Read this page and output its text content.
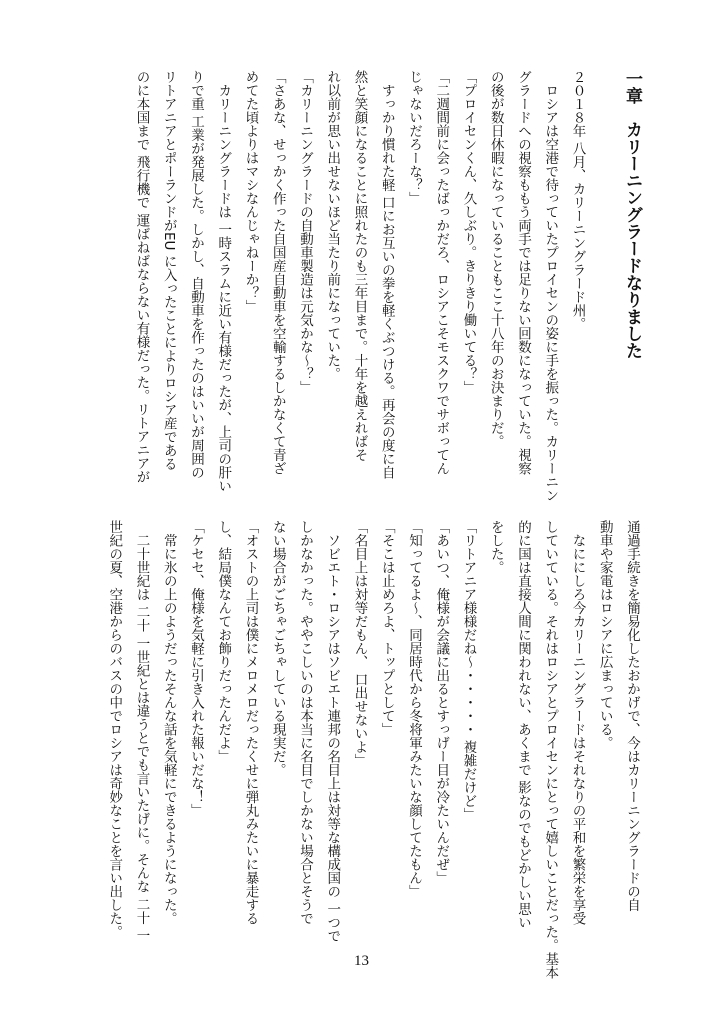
一章　カリーニングラードなりました
２０１８年 八月、カリーニングラード州。
　ロシアは空港で待っていたプロイセンの姿に手を振った。カリーニン
グラードへの視察ももう両手では足りない回数になっていた。視察
の後が数日休暇になっていることもここ十八年のお決まりだ。
「プロイセンくん、久しぶり。きりきり働いてる？」
「二週間前に会ったばっかだろ、ロシアこそモスクワでサボってん
じゃないだろーな？」
　すっかり慣れた軽 口にお互いの拳を軽くぶつける。再会の度に自
然と笑顔になることに照れたのも三年目まで。十年を越えればそ
れ以前が思い出せないほど当たり前になっていた。
「カリーニングラードの自動車製造は元気かな～？」
「さあな、せっかく作った自国産自動車を空輸するしかなくて青ざ
めてた頃よりはマシなんじゃねーか？」
　カリーニングラードは 一時スラムに近い有様だったが、上司の肝い
りで重 工業が発展した。しかし、自動車を作ったのはいいが周囲の
リトアニアとポーランドがEU に入ったことによりロシア産である
のに本国まで 飛行機で 運ばねばならない有様だった。リトアニアが
通過手続きを簡易化したおかげで、今はカリーニングラードの自
動車や家電はロシアに広まっている。
　なににしろ今カリーニングラードはそれなりの平和を繁栄を享受
していている。それはロシアとプロイセンにとって嬉しいことだった。基本
的に国は直接人間に関われない、あくまで 影なのでもどかしい思い
をした。
「リトアニア様様だね～・・・・・ 複雑だけど」
「あいつ、俺様が会議に出るとすっげー目が冷たいんだぜ」
「知ってるよ～、同居時代から冬将軍みたいな顔してたもん」
「そこは止めろよ、トップとして」
「名目上は対等だもん、 口出せないよ」
　ソビエト・ロシアはソビエト連邦の名目上は対等な構成国の 一つで
しかなかった。ややこしいのは本当に名目でしかない場合とそうで
ない場合がごちゃごちゃしている現実だ。
「オストの上司は僕にメロメロだったくせに弾丸みたいに暴走する
し、結局僕なんてお飾りだったんだよ」
「ケセセ、俺様を気軽に引き入れた報いだな！」
　常に氷の上のようだったそんな話を気軽にできるようになった。
　二十世紀は 二十 一世紀とは違うとでも言いたげに。そんな 二十 一
世紀の夏、空港からのバスの中でロシアは奇妙なことを言い出した。
13
